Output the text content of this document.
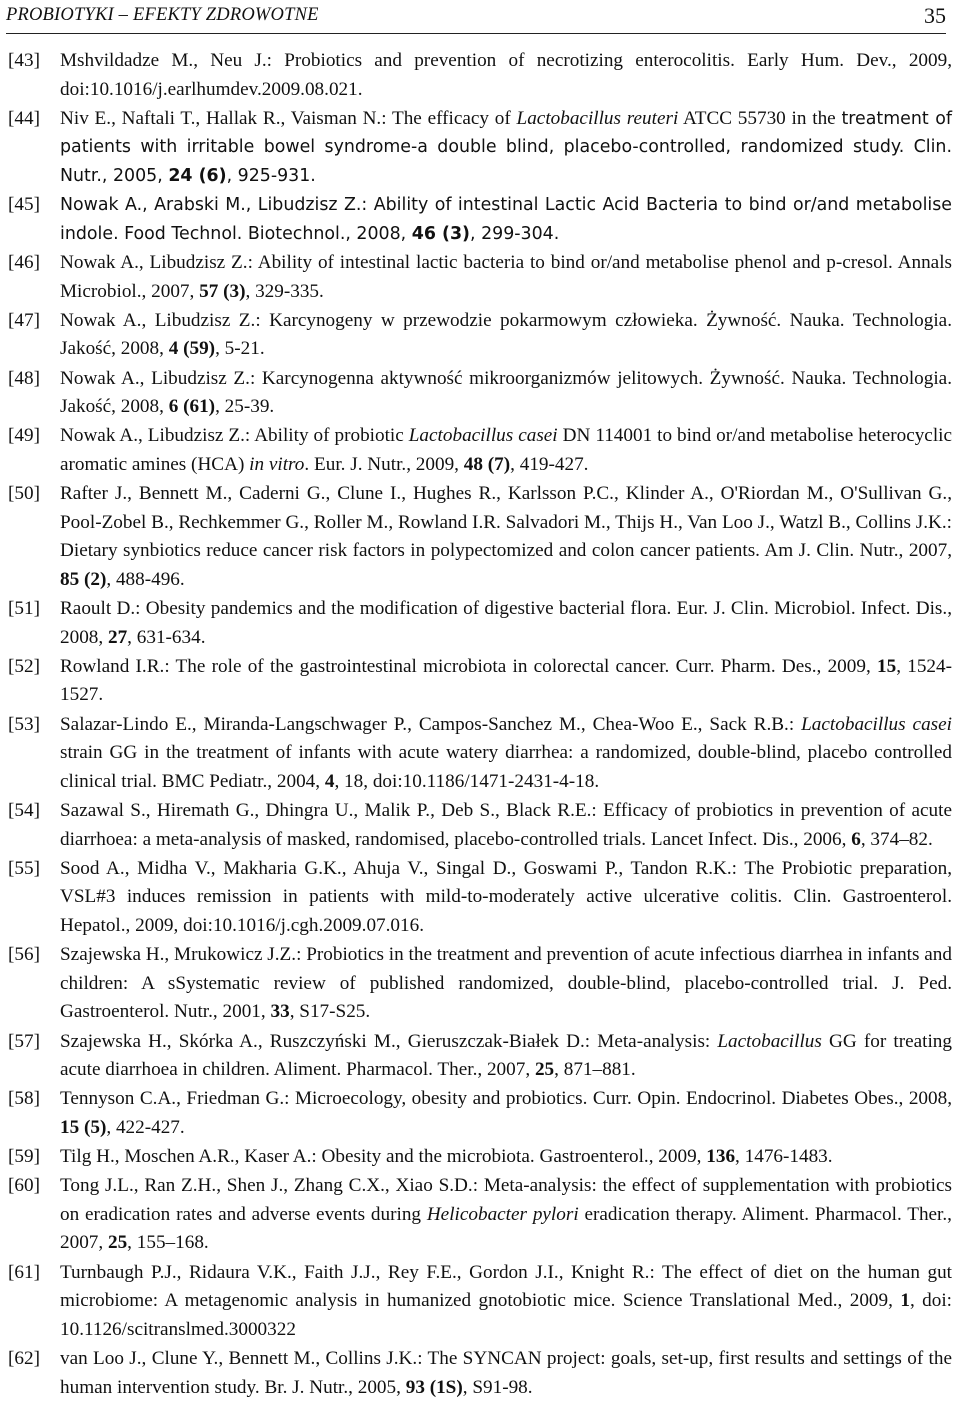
PROBIOTYKI – EFEKTY ZDROWOTNE	35
[43] Mshvildadze M., Neu J.: Probiotics and prevention of necrotizing enterocolitis. Early Hum. Dev., 2009, doi:10.1016/j.earlhumdev.2009.08.021.
[44] Niv E., Naftali T., Hallak R., Vaisman N.: The efficacy of Lactobacillus reuteri ATCC 55730 in the treatment of patients with irritable bowel syndrome-a double blind, placebo-controlled, randomized study. Clin. Nutr., 2005, 24 (6), 925-931.
[45] Nowak A., Arabski M., Libudzisz Z.: Ability of intestinal Lactic Acid Bacteria to bind or/and metabolise indole. Food Technol. Biotechnol., 2008, 46 (3), 299-304.
[46] Nowak A., Libudzisz Z.: Ability of intestinal lactic bacteria to bind or/and metabolise phenol and p-cresol. Annals Microbiol., 2007, 57 (3), 329-335.
[47] Nowak A., Libudzisz Z.: Karcynogeny w przewodzie pokarmowym człowieka. Żywność. Nauka. Technologia. Jakość, 2008, 4 (59), 5-21.
[48] Nowak A., Libudzisz Z.: Karcynogenna aktywność mikroorganizmów jelitowych. Żywność. Nauka. Technologia. Jakość, 2008, 6 (61), 25-39.
[49] Nowak A., Libudzisz Z.: Ability of probiotic Lactobacillus casei DN 114001 to bind or/and metabolise heterocyclic aromatic amines (HCA) in vitro. Eur. J. Nutr., 2009, 48 (7), 419-427.
[50] Rafter J., Bennett M., Caderni G., Clune I., Hughes R., Karlsson P.C., Klinder A., O'Riordan M., O'Sullivan G., Pool-Zobel B., Rechkemmer G., Roller M., Rowland I.R. Salvadori M., Thijs H., Van Loo J., Watzl B., Collins J.K.: Dietary synbiotics reduce cancer risk factors in polypectomized and colon cancer patients. Am J. Clin. Nutr., 2007, 85 (2), 488-496.
[51] Raoult D.: Obesity pandemics and the modification of digestive bacterial flora. Eur. J. Clin. Microbiol. Infect. Dis., 2008, 27, 631-634.
[52] Rowland I.R.: The role of the gastrointestinal microbiota in colorectal cancer. Curr. Pharm. Des., 2009, 15, 1524-1527.
[53] Salazar-Lindo E., Miranda-Langschwager P., Campos-Sanchez M., Chea-Woo E., Sack R.B.: Lactobacillus casei strain GG in the treatment of infants with acute watery diarrhea: a randomized, double-blind, placebo controlled clinical trial. BMC Pediatr., 2004, 4, 18, doi:10.1186/1471-2431-4-18.
[54] Sazawal S., Hiremath G., Dhingra U., Malik P., Deb S., Black R.E.: Efficacy of probiotics in prevention of acute diarrhoea: a meta-analysis of masked, randomised, placebo-controlled trials. Lancet Infect. Dis., 2006, 6, 374–82.
[55] Sood A., Midha V., Makharia G.K., Ahuja V., Singal D., Goswami P., Tandon R.K.: The Probiotic preparation, VSL#3 induces remission in patients with mild-to-moderately active ulcerative colitis. Clin. Gastroenterol. Hepatol., 2009, doi:10.1016/j.cgh.2009.07.016.
[56] Szajewska H., Mrukowicz J.Z.: Probiotics in the treatment and prevention of acute infectious diarrhea in infants and children: A sSystematic review of published randomized, double-blind, placebo-controlled trial. J. Ped. Gastroenterol. Nutr., 2001, 33, S17-S25.
[57] Szajewska H., Skórka A., Ruszczyński M., Gieruszczak-Białek D.: Meta-analysis: Lactobacillus GG for treating acute diarrhoea in children. Aliment. Pharmacol. Ther., 2007, 25, 871–881.
[58] Tennyson C.A., Friedman G.: Microecology, obesity and probiotics. Curr. Opin. Endocrinol. Diabetes Obes., 2008, 15 (5), 422-427.
[59] Tilg H., Moschen A.R., Kaser A.: Obesity and the microbiota. Gastroenterol., 2009, 136, 1476-1483.
[60] Tong J.L., Ran Z.H., Shen J., Zhang C.X., Xiao S.D.: Meta-analysis: the effect of supplementation with probiotics on eradication rates and adverse events during Helicobacter pylori eradication therapy. Aliment. Pharmacol. Ther., 2007, 25, 155–168.
[61] Turnbaugh P.J., Ridaura V.K., Faith J.J., Rey F.E., Gordon J.I., Knight R.: The effect of diet on the human gut microbiome: A metagenomic analysis in humanized gnotobiotic mice. Science Translational Med., 2009, 1, doi: 10.1126/scitranslmed.3000322
[62] van Loo J., Clune Y., Bennett M., Collins J.K.: The SYNCAN project: goals, set-up, first results and settings of the human intervention study. Br. J. Nutr., 2005, 93 (1S), S91-98.
